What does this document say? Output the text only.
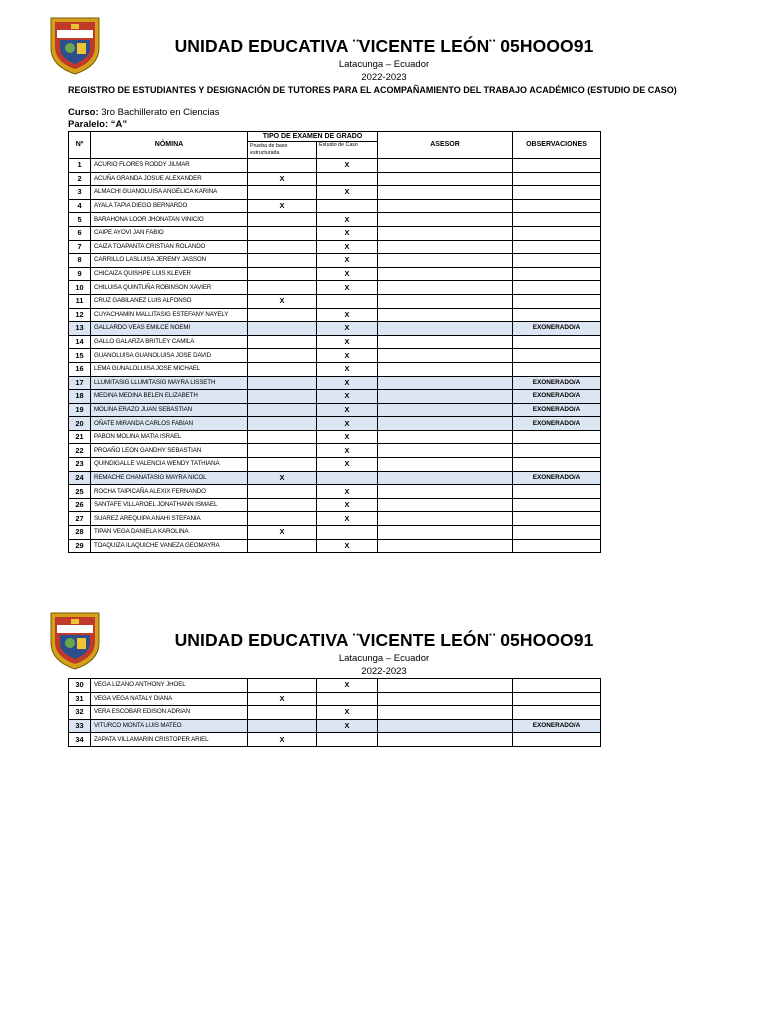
UNIDAD EDUCATIVA ¨VICENTE LEÓN¨ 05HOOO91
Latacunga – Ecuador
2022-2023
REGISTRO DE ESTUDIANTES Y DESIGNACIÓN DE TUTORES PARA EL ACOMPAÑAMIENTO DEL TRABAJO ACADÉMICO (ESTUDIO DE CASO)
Curso: 3ro Bachillerato en Ciencias
Paralelo: “A”
Nº	NÓMINA	TIPO DE EXAMEN DE GRADO		ASESOR	OBSERVACIONES
		Prueba de base estructurada	Estudio de Caso		
1	ACURIO FLORES RODDY JILMAR		X		
2	ACUÑA GRANDA JOSUE ALEXANDER	X			
3	ALMACHI GUANOLUISA ANGÉLICA KARINA		X		
4	AYALA TAPIA DIEGO BERNARDO	X			
5	BARAHONA LOOR JHONATAN VINICIO		X		
6	CAIPE AYOVI JAN FABIO		X		
7	CAIZA TOAPANTA CRISTIAN ROLANDO		X		
8	CARRILLO LASLUISA JEREMY JASSON		X		
9	CHICAIZA QUISHPE LUIS KLEVER		X		
10	CHILUISA QUINTUÑA ROBINSON XAVIER		X		
11	CRUZ GABILANEZ LUIS ALFONSO	X			
12	CUYACHAMIN MALLITASIG ESTEFANY NAYELY		X		
13	GALLARDO VEAS EMILCE NOEMI		X		EXONERADO/A
14	GALLO GALARZA BRITLEY CAMILA		X		
15	GUANOLUISA GUANOLUISA JOSE DAVID		X		
16	LEMA GUNALOLUISA JOSE MICHAEL		X		
17	LLUMITASIG LLUMITASIG MAYRA LISSETH		X		EXONERADO/A
18	MEDINA MEDINA BELEN ELIZABETH		X		EXONERADO/A
19	MOLINA ERAZO JUAN SEBASTIAN		X		EXONERADO/A
20	OÑATE MIRANDA CARLOS FABIAN		X		EXONERADO/A
21	PABON MOLINA MATIA ISRAEL		X		
22	PROAÑO LEON GANDHY SEBASTIAN		X		
23	QUINDIGALLE VALENCIA WENDY TATHIANA		X		
24	REMACHE CHANATASIG MAYRA NICOL	X			EXONERADO/A
25	ROCHA TAIPICAÑA ALEXIX FERNANDO		X		
26	SANTAFE VILLAROEL JONATHANN ISMAEL		X		
27	SUAREZ AREQUIPA ANAHI STEFANIA		X		
28	TIPAN VEGA DANIELA KAROLINA	X			
29	TOAQUIZA ILAQUICHE VANEZA GEOMAYRA		X		
UNIDAD EDUCATIVA ¨VICENTE LEÓN¨ 05HOOO91
Latacunga – Ecuador
2022-2023
30	VEGA LIZANO ANTHONY JHOEL		X		
31	VEGA VEGA NATALY DIANA	X			
32	VERA ESCOBAR EDISON ADRIAN		X		
33	VITURCO MONTA LUIS MATEO		X		EXONERADO/A
34	ZAPATA VILLAMARIN CRISTOPER ARIEL	X			
